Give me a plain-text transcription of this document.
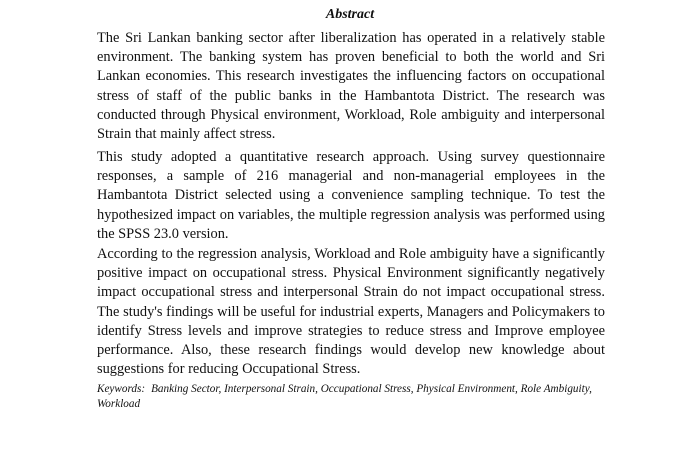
Abstract

The Sri Lankan banking sector after liberalization has operated in a relatively stable environment. The banking system has proven beneficial to both the world and Sri Lankan economies. This research investigates the influencing factors on occupational stress of staff of the public banks in the Hambantota District. The research was conducted through Physical environment, Workload, Role ambiguity and interpersonal Strain that mainly affect stress.

This study adopted a quantitative research approach. Using survey questionnaire responses, a sample of 216 managerial and non-managerial employees in the Hambantota District selected using a convenience sampling technique. To test the hypothesized impact on variables, the multiple regression analysis was performed using the SPSS 23.0 version.

According to the regression analysis, Workload and Role ambiguity have a significantly positive impact on occupational stress. Physical Environment significantly negatively impact occupational stress and interpersonal Strain do not impact occupational stress. The study's findings will be useful for industrial experts, Managers and Policymakers to identify Stress levels and improve strategies to reduce stress and Improve employee performance. Also, these research findings would develop new knowledge about suggestions for reducing Occupational Stress.

Keywords: Banking Sector, Interpersonal Strain, Occupational Stress, Physical Environment, Role Ambiguity, Workload
